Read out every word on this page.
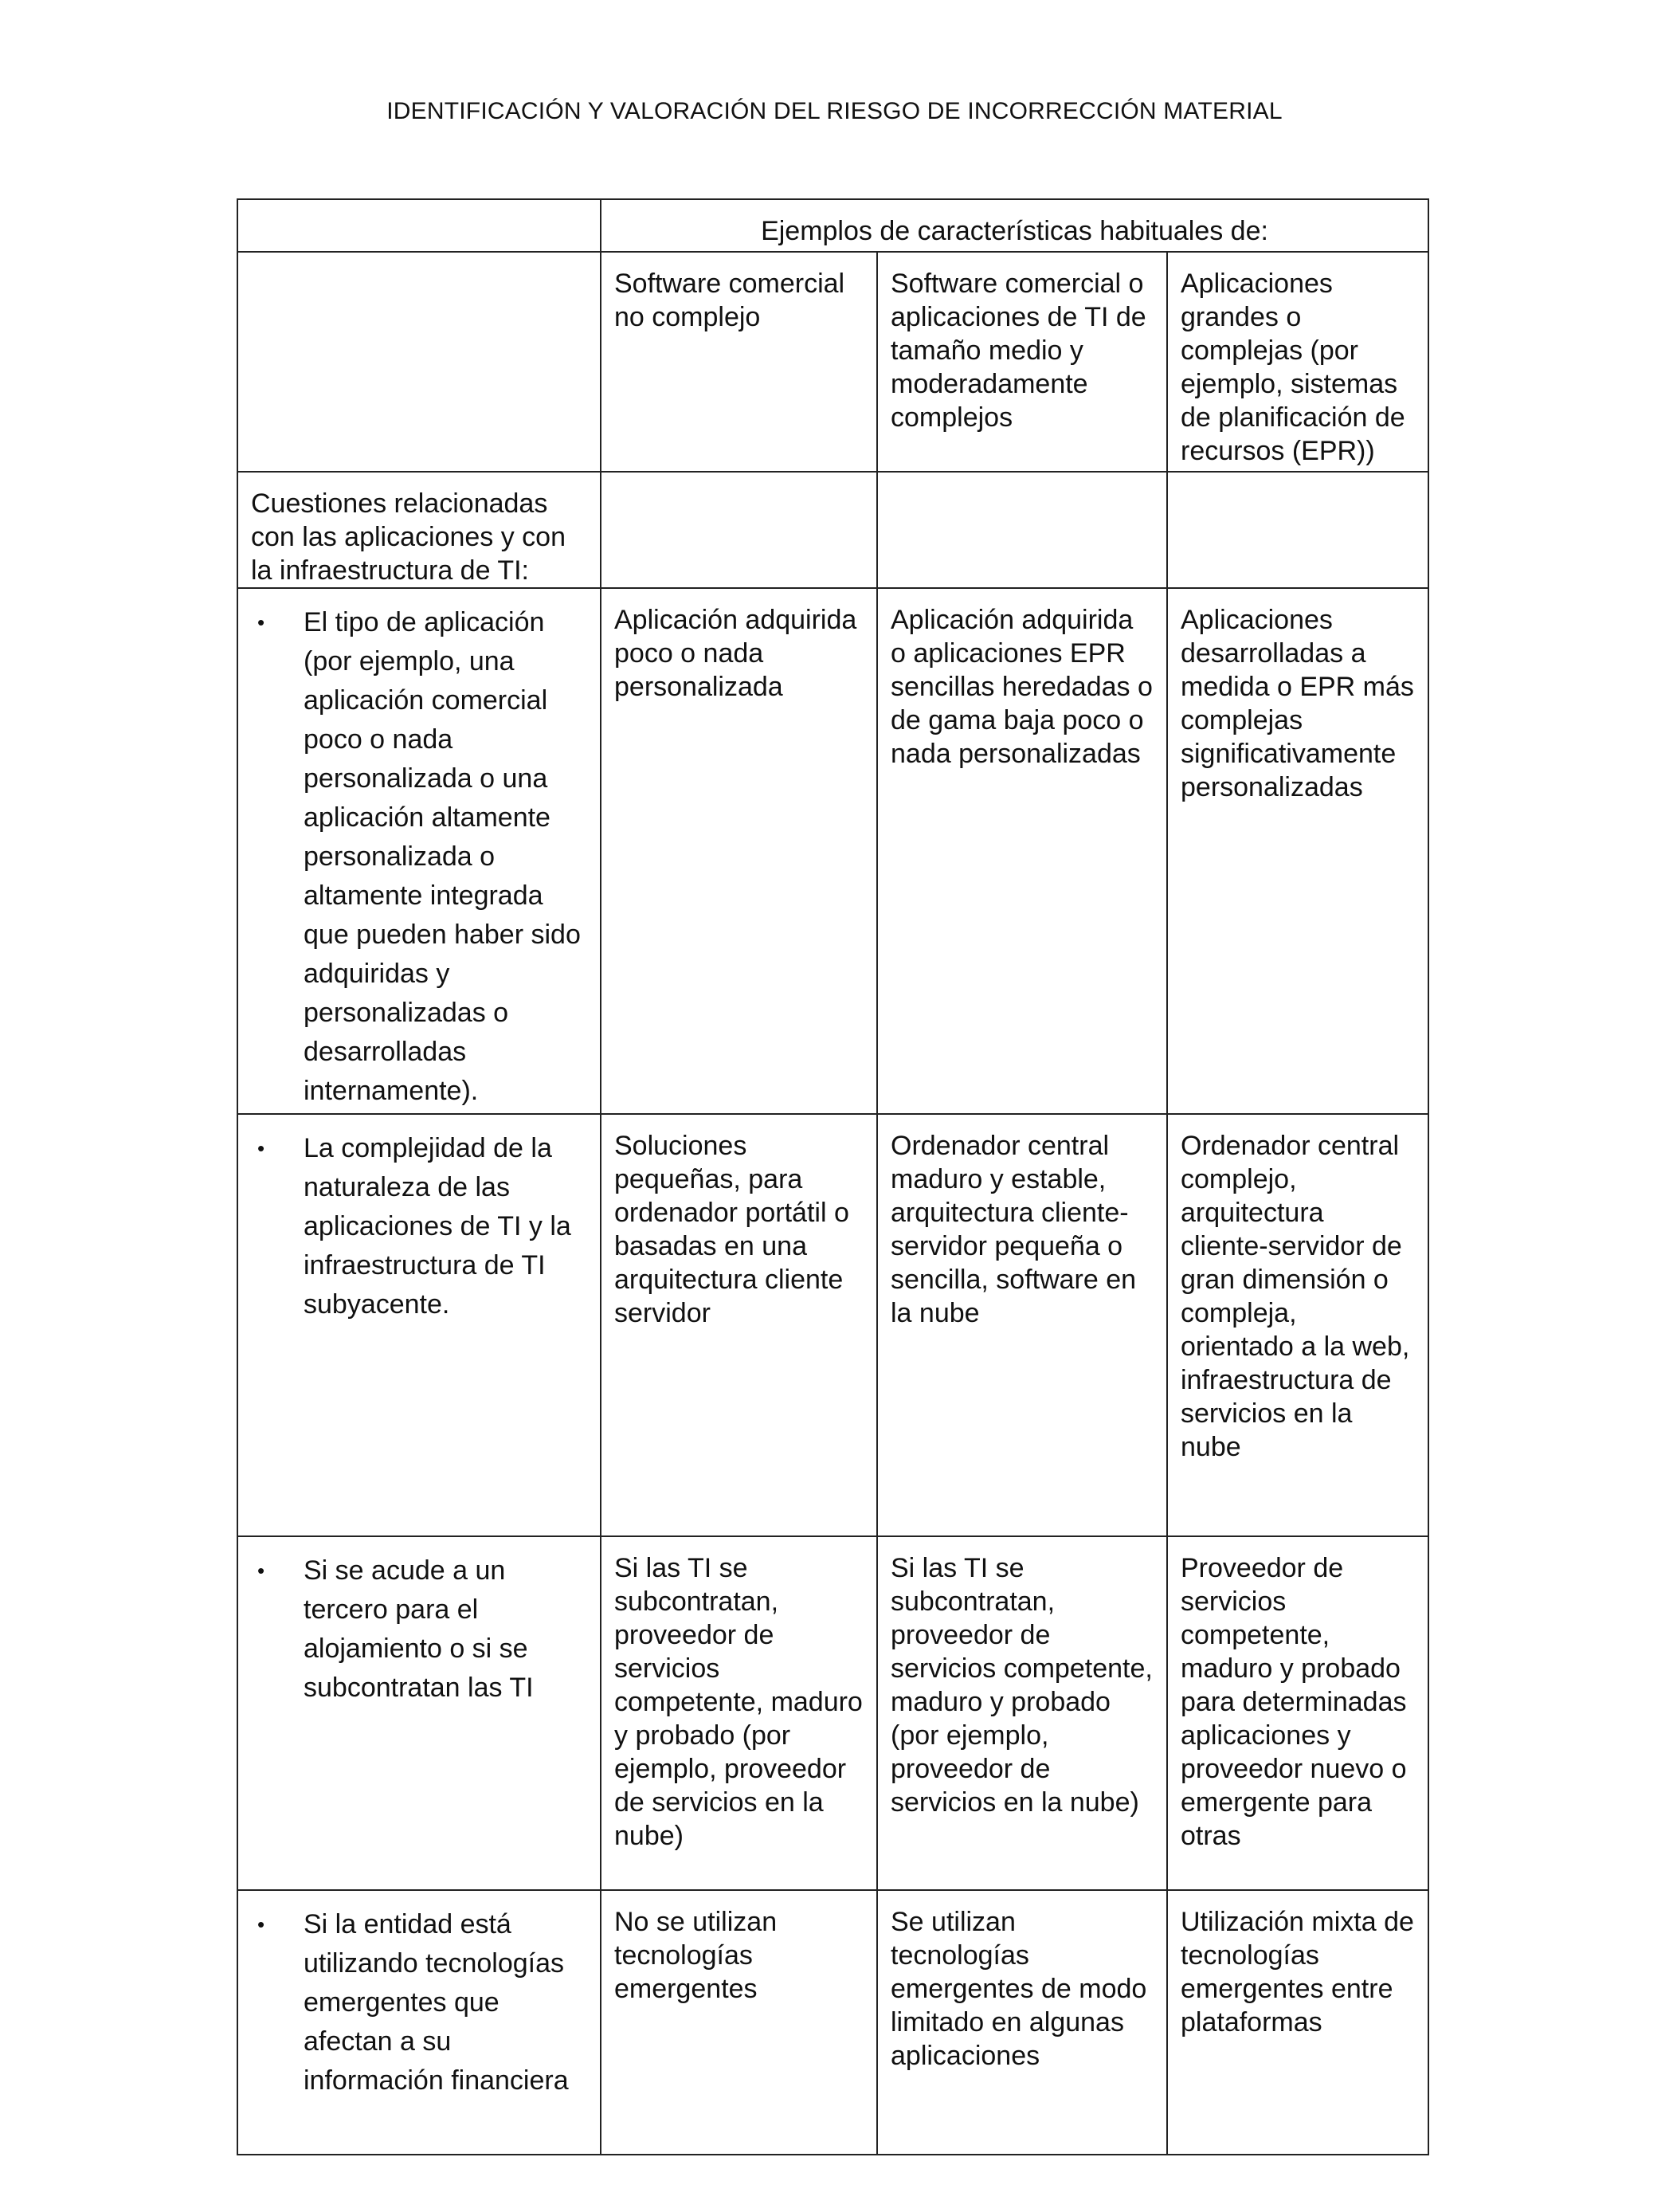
IDENTIFICACIÓN Y VALORACIÓN DEL RIESGO DE INCORRECCIÓN MATERIAL
	Ejemplos de características habituales de:		
	Software comercial no complejo	Software comercial o aplicaciones de TI de tamaño medio y moderadamente complejos	Aplicaciones grandes o complejas (por ejemplo, sistemas de planificación de recursos (EPR))
Cuestiones relacionadas con las aplicaciones y con la infraestructura de TI:			

• El tipo de aplicación (por ejemplo, una aplicación comercial poco o nada personalizada o una aplicación altamente personalizada o altamente integrada que pueden haber sido adquiridas y personalizadas o desarrolladas internamente).	Aplicación adquirida poco o nada personalizada	Aplicación adquirida o aplicaciones EPR sencillas heredadas o de gama baja poco o nada personalizadas	Aplicaciones desarrolladas a medida o EPR más complejas significativamente personalizadas

• La complejidad de la naturaleza de las aplicaciones de TI y la infraestructura de TI subyacente.	Soluciones pequeñas, para ordenador portátil o basadas en una arquitectura cliente servidor	Ordenador central maduro y estable, arquitectura cliente-servidor pequeña o sencilla, software en la nube	Ordenador central complejo, arquitectura cliente-servidor de gran dimensión o compleja, orientado a la web, infraestructura de servicios en la nube

• Si se acude a un tercero para el alojamiento o si se subcontratan las TI	Si las TI se subcontratan, proveedor de servicios competente, maduro y probado (por ejemplo, proveedor de servicios en la nube)	Si las TI se subcontratan, proveedor de servicios competente, maduro y probado (por ejemplo, proveedor de servicios en la nube)	Proveedor de servicios competente, maduro y probado para determinadas aplicaciones y proveedor nuevo o emergente para otras

• Si la entidad está utilizando tecnologías emergentes que afectan a su información financiera	No se utilizan tecnologías emergentes	Se utilizan tecnologías emergentes de modo limitado en algunas aplicaciones	Utilización mixta de tecnologías emergentes entre plataformas
